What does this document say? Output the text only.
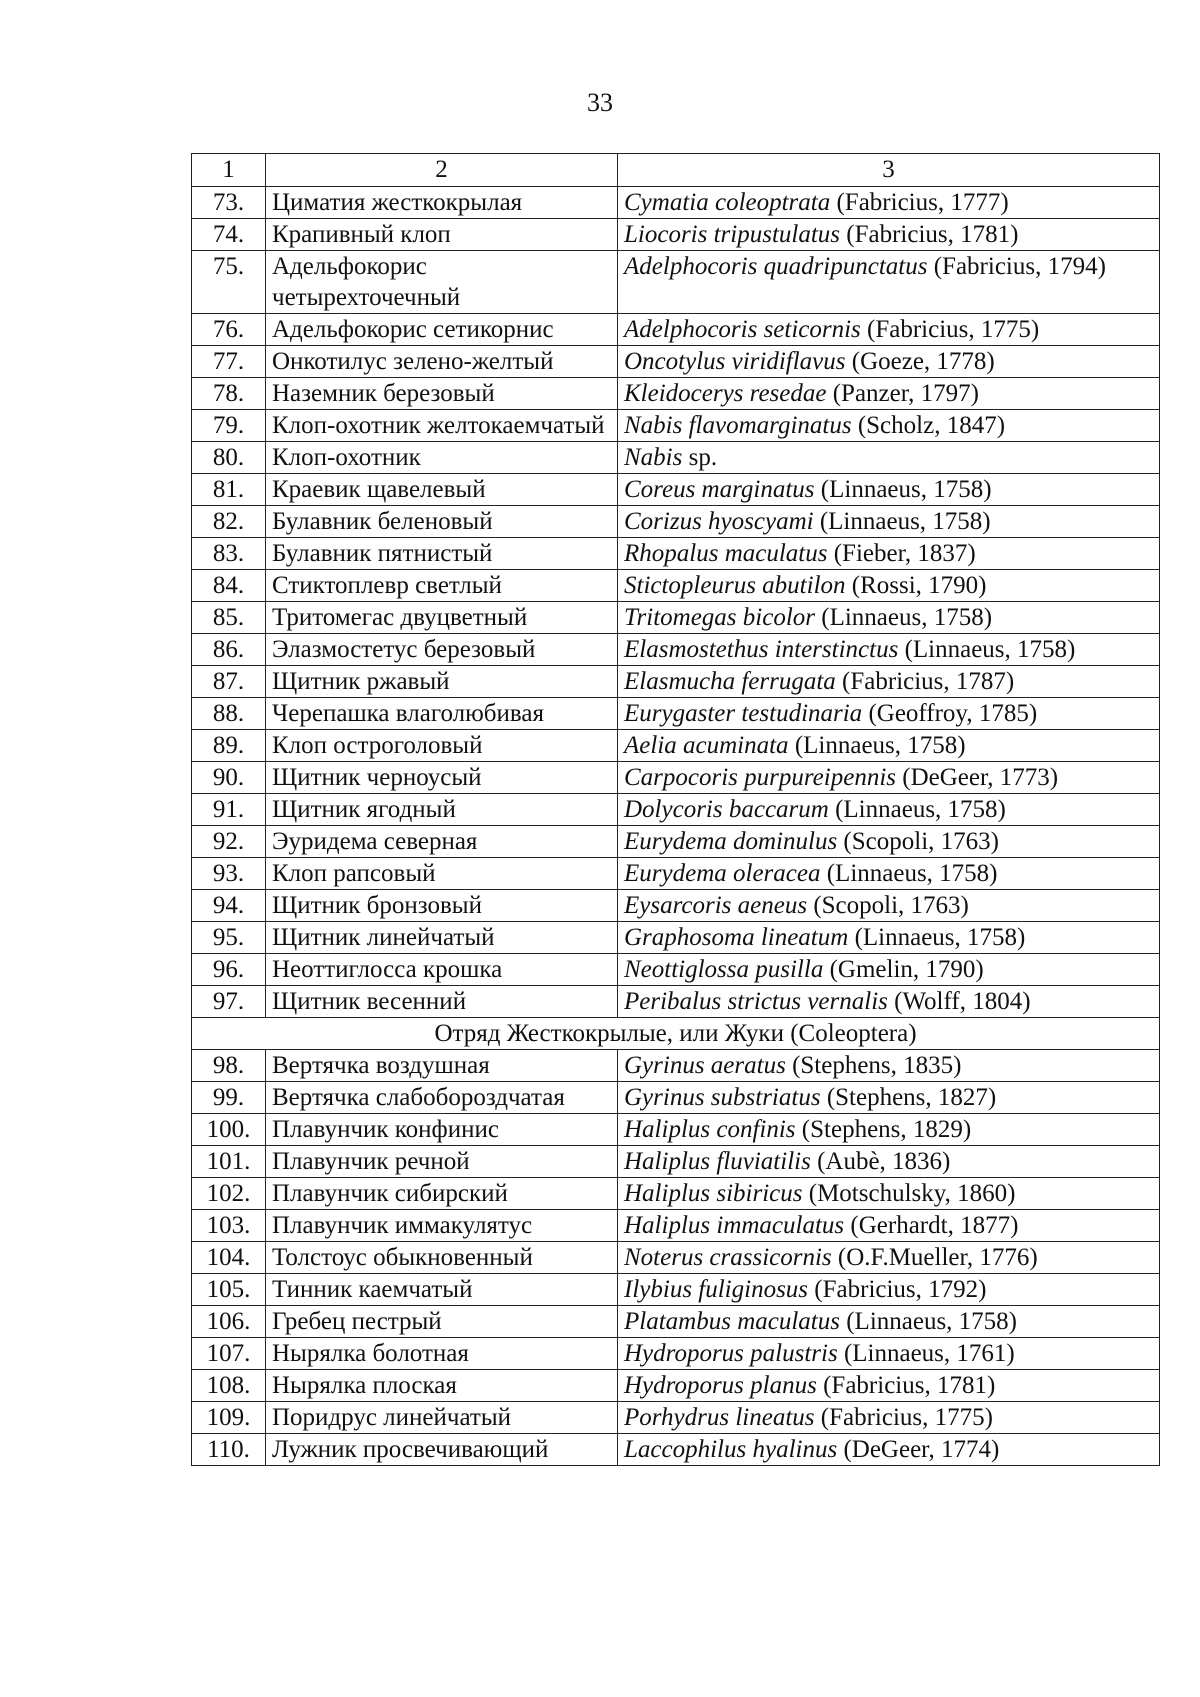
33
1	2	3
73.	Циматия жесткокрылая	Cymatia coleoptrata (Fabricius, 1777)
74.	Крапивный клоп	Liocoris tripustulatus (Fabricius, 1781)
75.	Адельфокорис четырехточечный	Adelphocoris quadripunctatus (Fabricius, 1794)
76.	Адельфокорис сетикорнис	Adelphocoris seticornis (Fabricius, 1775)
77.	Онкотилус зелено-желтый	Oncotylus viridiflavus (Goeze, 1778)
78.	Наземник березовый	Kleidocerys resedae (Panzer, 1797)
79.	Клоп-охотник желтокаемчатый	Nabis flavomarginatus (Scholz, 1847)
80.	Клоп-охотник	Nabis sp.
81.	Краевик щавелевый	Coreus marginatus (Linnaeus, 1758)
82.	Булавник беленовый	Corizus hyoscyami (Linnaeus, 1758)
83.	Булавник пятнистый	Rhopalus maculatus (Fieber, 1837)
84.	Стиктоплевр светлый	Stictopleurus abutilon (Rossi, 1790)
85.	Тритомегас двуцветный	Tritomegas bicolor (Linnaeus, 1758)
86.	Элазмостетус березовый	Elasmostethus interstinctus (Linnaeus, 1758)
87.	Щитник ржавый	Elasmucha ferrugata (Fabricius, 1787)
88.	Черепашка влаголюбивая	Eurygaster testudinaria (Geoffroy, 1785)
89.	Клоп остроголовый	Aelia acuminata (Linnaeus, 1758)
90.	Щитник черноусый	Carpocoris purpureipennis (DeGeer, 1773)
91.	Щитник ягодный	Dolycoris baccarum (Linnaeus, 1758)
92.	Эуридема северная	Eurydema dominulus (Scopoli, 1763)
93.	Клоп рапсовый	Eurydema oleracea (Linnaeus, 1758)
94.	Щитник бронзовый	Eysarcoris aeneus (Scopoli, 1763)
95.	Щитник линейчатый	Graphosoma lineatum (Linnaeus, 1758)
96.	Неоттиглосса крошка	Neottiglossa pusilla (Gmelin, 1790)
97.	Щитник весенний	Peribalus strictus vernalis (Wolff, 1804)
Отряд Жесткокрылые, или Жуки (Coleoptera)		
98.	Вертячка воздушная	Gyrinus aeratus (Stephens, 1835)
99.	Вертячка слабобороздчатая	Gyrinus substriatus (Stephens, 1827)
100.	Плавунчик конфинис	Haliplus confinis (Stephens, 1829)
101.	Плавунчик речной	Haliplus fluviatilis (Aubè, 1836)
102.	Плавунчик сибирский	Haliplus sibiricus (Motschulsky, 1860)
103.	Плавунчик иммакулятус	Haliplus immaculatus (Gerhardt, 1877)
104.	Толстоус обыкновенный	Noterus crassicornis (O.F.Mueller, 1776)
105.	Тинник каемчатый	Ilybius fuliginosus (Fabricius, 1792)
106.	Гребец пестрый	Platambus maculatus (Linnaeus, 1758)
107.	Нырялка болотная	Hydroporus palustris (Linnaeus, 1761)
108.	Нырялка плоская	Hydroporus planus (Fabricius, 1781)
109.	Поридрус линейчатый	Porhydrus lineatus (Fabricius, 1775)
110.	Лужник просвечивающий	Laccophilus hyalinus (DeGeer, 1774)
